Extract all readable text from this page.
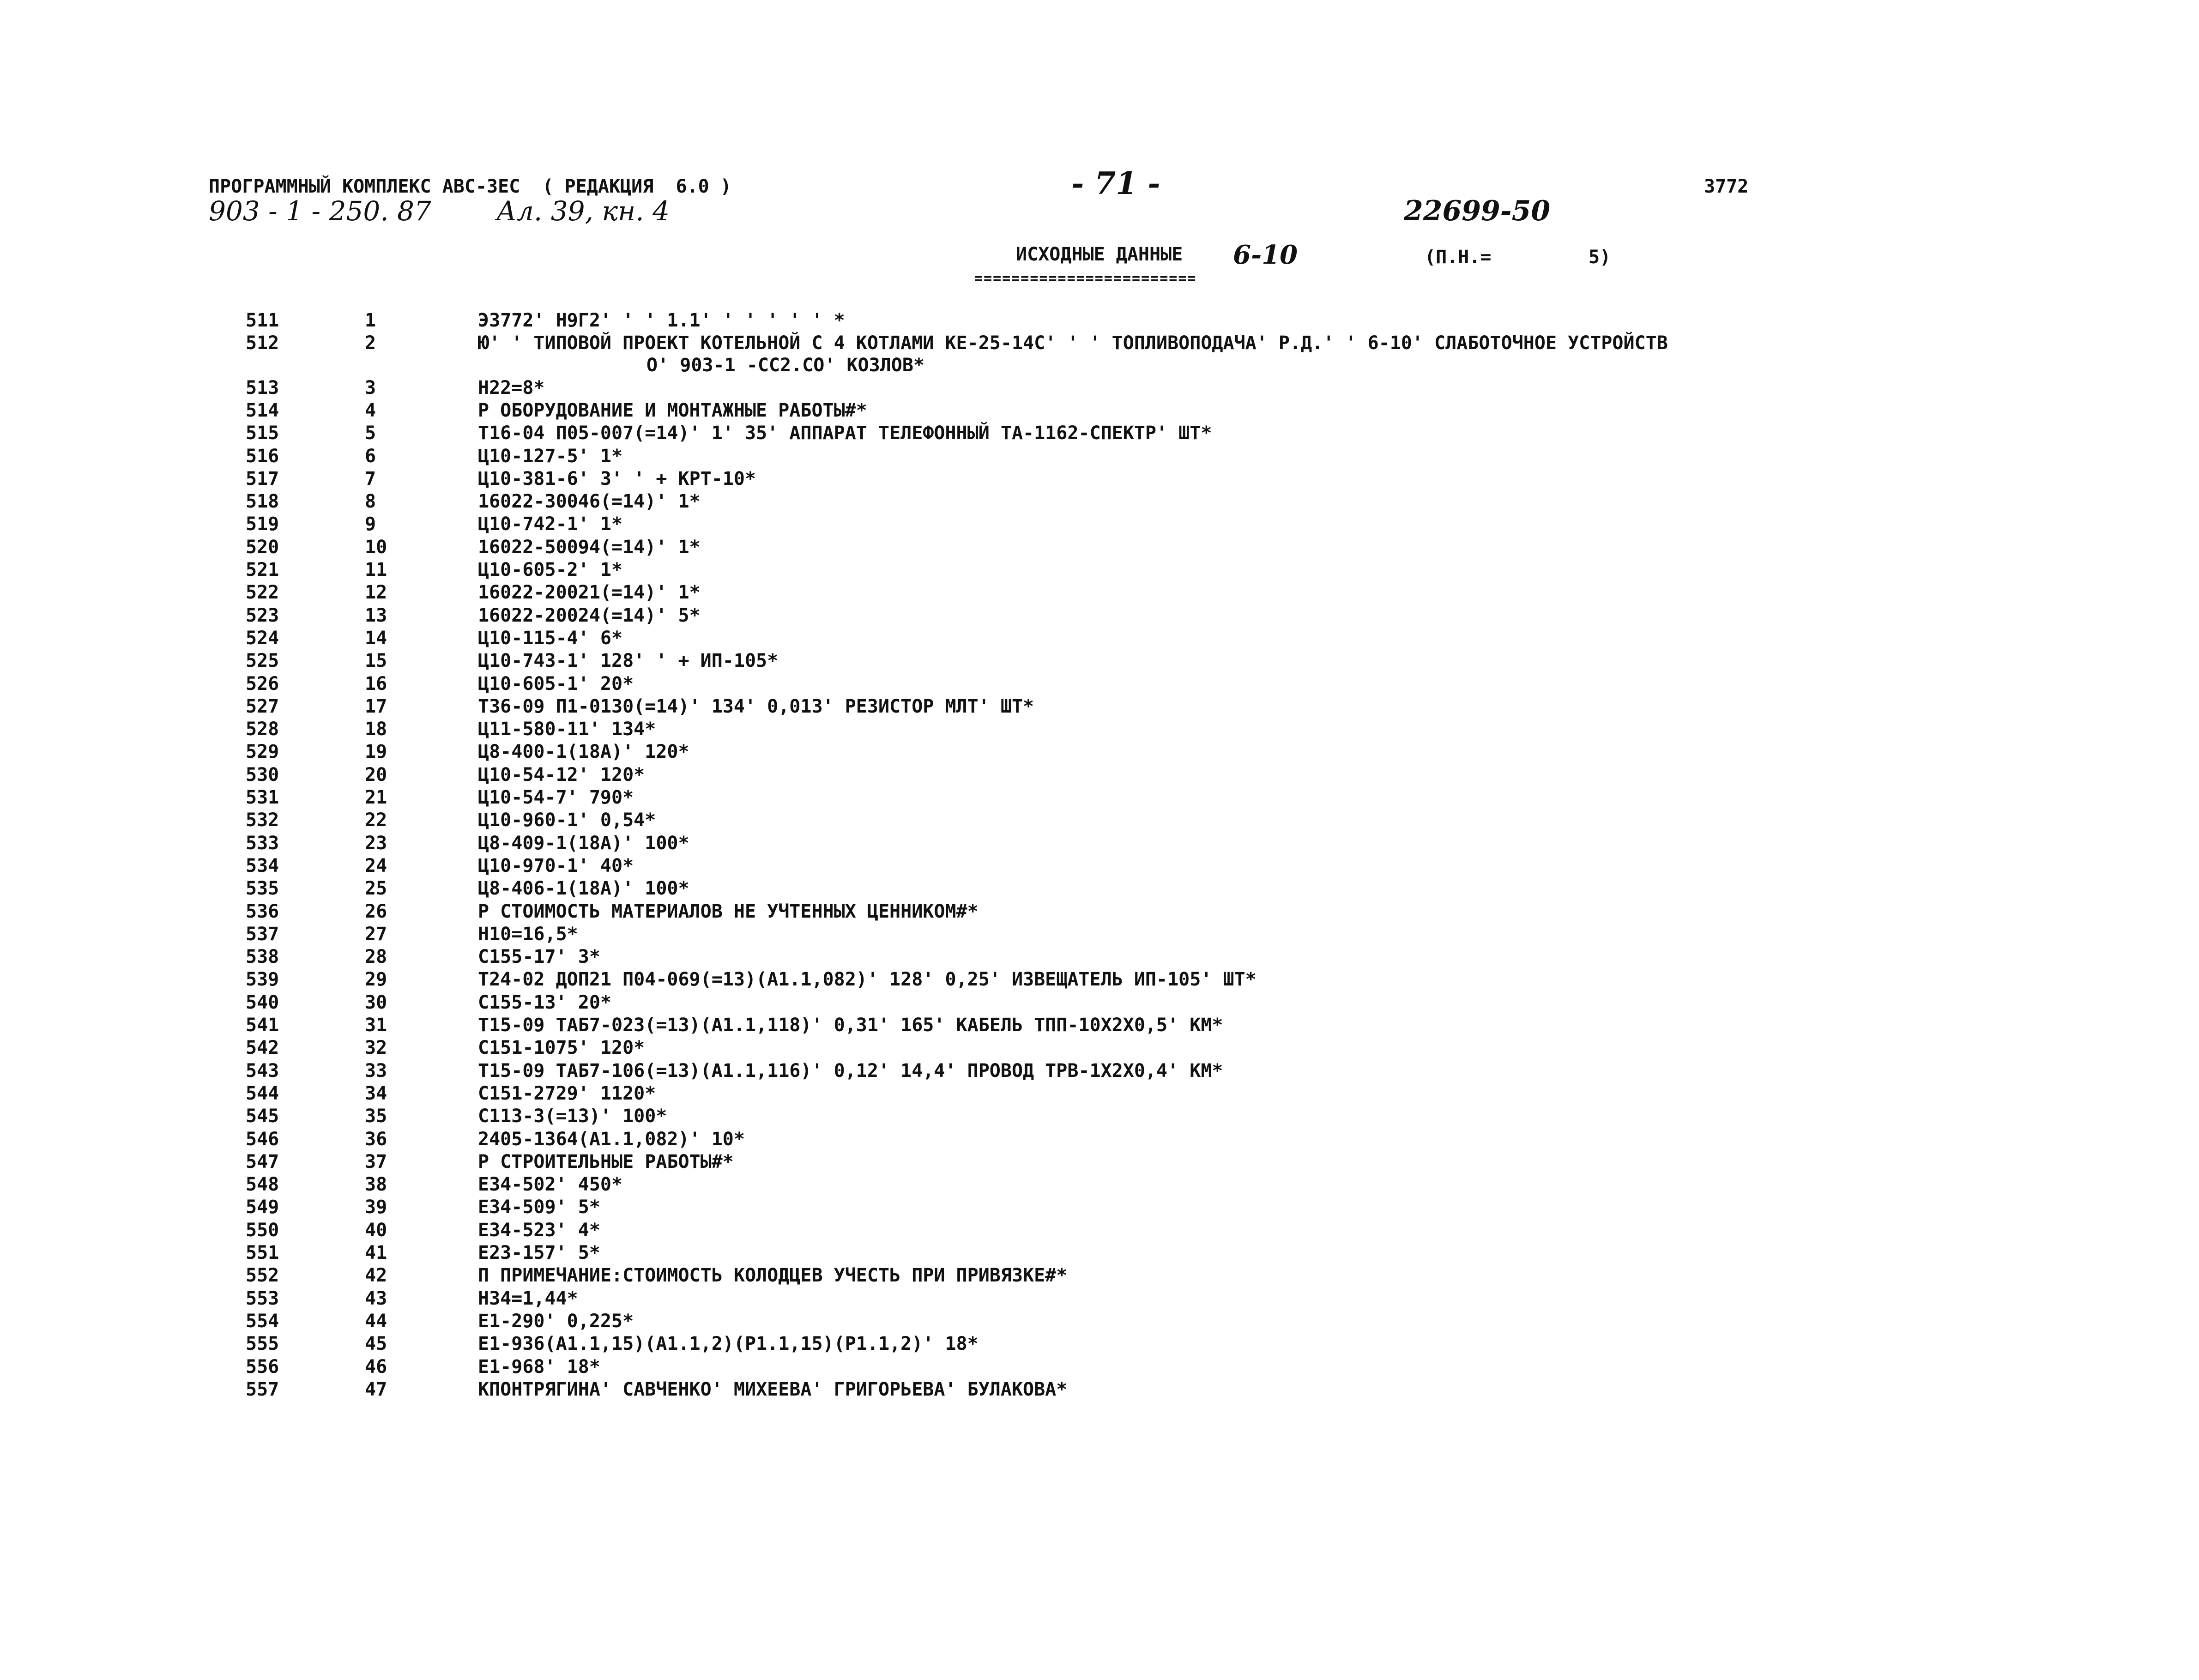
ПРОГРАММНЫЙ КОМПЛЕКС АВС-3ЕС  ( РЕДАКЦИЯ  6.0 )
903 - 1 - 250. 87 Ал. 39, кн. 4
- 71 -
22699-50
3772
ИСХОДНЫЕ ДАННЫЕ 6-10	(П.Н.=	5)
========================
511	1	Э3772' Н9Г2' ' ' 1.1' ' ' ' ' ' *
512	2	Ю' ' ТИПОВОЙ ПРОЕКТ КОТЕЛЬНОЙ С 4 КОТЛАМИ КЕ-25-14С' ' ' ТОПЛИВОПОДАЧА' Р.Д.' ' 6-10' СЛАБОТОЧНОЕ УСТРОЙСТВ
О' 903-1 -СС2.СО' КОЗЛОВ*
513	3	Н22=8*
514	4	Р ОБОРУДОВАНИЕ И МОНТАЖНЫЕ РАБОТЫ#*
515	5	Т16-04 П05-007(=14)' 1' 35' АППАРАТ ТЕЛЕФОННЫЙ ТА-1162-СПЕКТР' ШТ*
516	6	Ц10-127-5' 1*
517	7	Ц10-381-6' 3' ' + КРТ-10*
518	8	16022-30046(=14)' 1*
519	9	Ц10-742-1' 1*
520	10	16022-50094(=14)' 1*
521	11	Ц10-605-2' 1*
522	12	16022-20021(=14)' 1*
523	13	16022-20024(=14)' 5*
524	14	Ц10-115-4' 6*
525	15	Ц10-743-1' 128' ' + ИП-105*
526	16	Ц10-605-1' 20*
527	17	Т36-09 П1-0130(=14)' 134' 0,013' РЕЗИСТОР МЛТ' ШТ*
528	18	Ц11-580-11' 134*
529	19	Ц8-400-1(18А)' 120*
530	20	Ц10-54-12' 120*
531	21	Ц10-54-7' 790*
532	22	Ц10-960-1' 0,54*
533	23	Ц8-409-1(18А)' 100*
534	24	Ц10-970-1' 40*
535	25	Ц8-406-1(18А)' 100*
536	26	Р СТОИМОСТЬ МАТЕРИАЛОВ НЕ УЧТЕННЫХ ЦЕННИКОМ#*
537	27	Н10=16,5*
538	28	С155-17' 3*
539	29	Т24-02 ДОП21 П04-069(=13)(А1.1,082)' 128' 0,25' ИЗВЕЩАТЕЛЬ ИП-105' ШТ*
540	30	С155-13' 20*
541	31	Т15-09 ТАБ7-023(=13)(А1.1,118)' 0,31' 165' КАБЕЛЬ ТПП-10Х2Х0,5' КМ*
542	32	С151-1075' 120*
543	33	Т15-09 ТАБ7-106(=13)(А1.1,116)' 0,12' 14,4' ПРОВОД ТРВ-1Х2Х0,4' КМ*
544	34	С151-2729' 1120*
545	35	С113-3(=13)' 100*
546	36	2405-1364(А1.1,082)' 10*
547	37	Р СТРОИТЕЛЬНЫЕ РАБОТЫ#*
548	38	Е34-502' 450*
549	39	Е34-509' 5*
550	40	Е34-523' 4*
551	41	Е23-157' 5*
552	42	П ПРИМЕЧАНИЕ:СТОИМОСТЬ КОЛОДЦЕВ УЧЕСТЬ ПРИ ПРИВЯЗКЕ#*
553	43	Н34=1,44*
554	44	Е1-290' 0,225*
555	45	Е1-936(А1.1,15)(А1.1,2)(Р1.1,15)(Р1.1,2)' 18*
556	46	Е1-968' 18*
557	47	КПОНТРЯГИНА' САВЧЕНКО' МИХЕЕВА' ГРИГОРЬЕВА' БУЛАКОВА*
